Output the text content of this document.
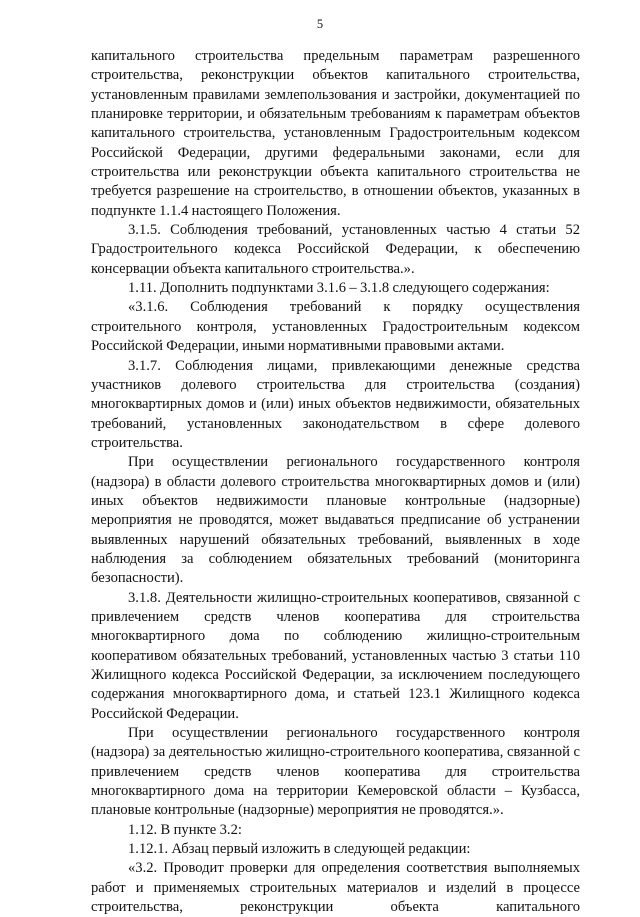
5

капитального строительства предельным параметрам разрешенного строительства, реконструкции объектов капитального строительства, установленным правилами землепользования и застройки, документацией по планировке территории, и обязательным требованиям к параметрам объектов капитального строительства, установленным Градостроительным кодексом Российской Федерации, другими федеральными законами, если для строительства или реконструкции объекта капитального строительства не требуется разрешение на строительство, в отношении объектов, указанных в подпункте 1.1.4 настоящего Положения.

3.1.5. Соблюдения требований, установленных частью 4 статьи 52 Градостроительного кодекса Российской Федерации, к обеспечению консервации объекта капитального строительства.».

1.11. Дополнить подпунктами 3.1.6 – 3.1.8 следующего содержания:

«3.1.6. Соблюдения требований к порядку осуществления строительного контроля, установленных Градостроительным кодексом Российской Федерации, иными нормативными правовыми актами.

3.1.7. Соблюдения лицами, привлекающими денежные средства участников долевого строительства для строительства (создания) многоквартирных домов и (или) иных объектов недвижимости, обязательных требований, установленных законодательством в сфере долевого строительства.

При осуществлении регионального государственного контроля (надзора) в области долевого строительства многоквартирных домов и (или) иных объектов недвижимости плановые контрольные (надзорные) мероприятия не проводятся, может выдаваться предписание об устранении выявленных нарушений обязательных требований, выявленных в ходе наблюдения за соблюдением обязательных требований (мониторинга безопасности).

3.1.8. Деятельности жилищно-строительных кооперативов, связанной с привлечением средств членов кооператива для строительства многоквартирного дома по соблюдению жилищно-строительным кооперативом обязательных требований, установленных частью 3 статьи 110 Жилищного кодекса Российской Федерации, за исключением последующего содержания многоквартирного дома, и статьей 123.1 Жилищного кодекса Российской Федерации.

При осуществлении регионального государственного контроля (надзора) за деятельностью жилищно-строительного кооператива, связанной с привлечением средств членов кооператива для строительства многоквартирного дома на территории Кемеровской области – Кузбасса, плановые контрольные (надзорные) мероприятия не проводятся.».

1.12. В пункте 3.2:

1.12.1. Абзац первый изложить в следующей редакции:

«3.2. Проводит проверки для определения соответствия выполняемых работ и применяемых строительных материалов и изделий в процессе строительства, реконструкции объекта капитального
